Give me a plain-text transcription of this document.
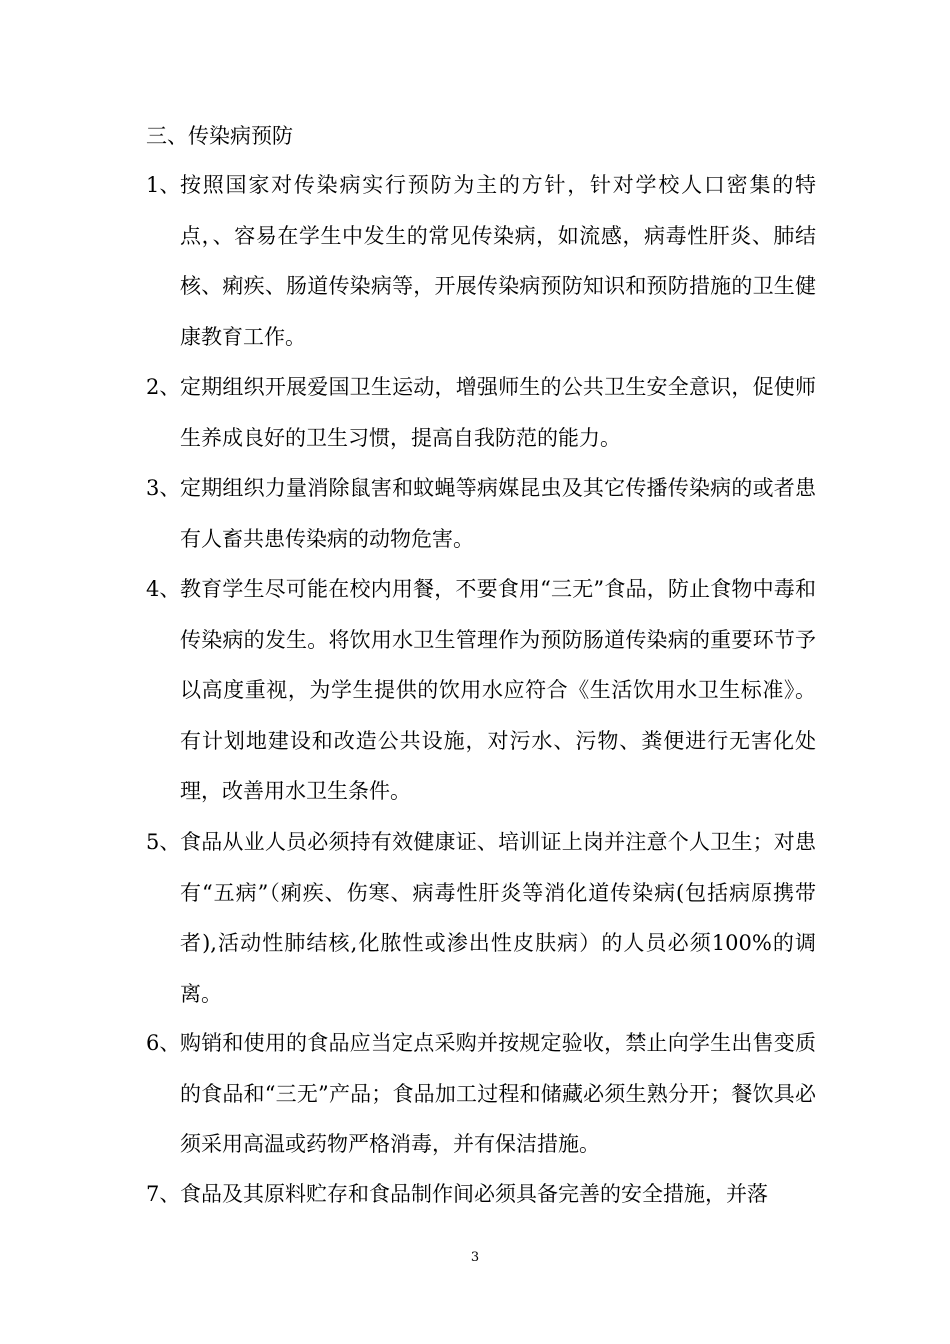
三、传染病预防
1、 按照国家对传染病实行预防为主的方针，针对学校人口密集的特点，、容易在学生中发生的常见传染病，如流感，病毒性肝炎、肺结核、痢疾、肠道传染病等，开展传染病预防知识和预防措施的卫生健康教育工作。
2、 定期组织开展爱国卫生运动，增强师生的公共卫生安全意识，促使师生养成良好的卫生习惯，提高自我防范的能力。
3、 定期组织力量消除鼠害和蚊蝇等病媒昆虫及其它传播传染病的或者患有人畜共患传染病的动物危害。
4、 教育学生尽可能在校内用餐，不要食用“三无”食品，防止食物中毒和传染病的发生。将饮用水卫生管理作为预防肠道传染病的重要环节予以高度重视，为学生提供的饮用水应符合《生活饮用水卫生标准》。有计划地建设和改造公共设施，对污水、污物、粪便进行无害化处理，改善用水卫生条件。
5、 食品从业人员必须持有效健康证、培训证上岗并注意个人卫生；对患有“五病”（痢疾、伤寒、病毒性肝炎等消化道传染病(包括病原携带者),活动性肺结核,化脓性或渗出性皮肤病）的人员必须100%的调离。
6、 购销和使用的食品应当定点采购并按规定验收，禁止向学生出售变质的食品和“三无”产品；食品加工过程和储藏必须生熟分开；餐饮具必须采用高温或药物严格消毒，并有保洁措施。
7、 食品及其原料贮存和食品制作间必须具备完善的安全措施，并落
3
